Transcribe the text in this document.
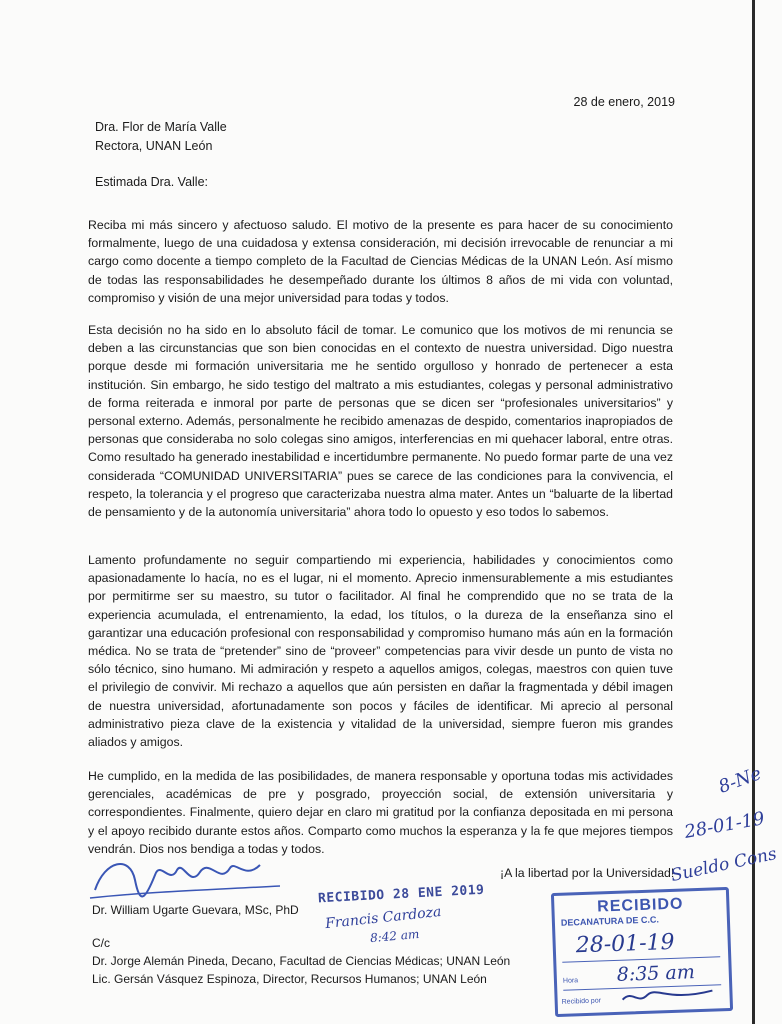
28 de enero, 2019
Dra. Flor de María Valle
Rectora, UNAN León
Estimada Dra. Valle:
Reciba mi más sincero y afectuoso saludo. El motivo de la presente es para hacer de su conocimiento formalmente, luego de una cuidadosa y extensa consideración, mi decisión irrevocable de renunciar a mi cargo como docente a tiempo completo de la Facultad de Ciencias Médicas de la UNAN León. Así mismo de todas las responsabilidades he desempeñado durante los últimos 8 años de mi vida con voluntad, compromiso y visión de una mejor universidad para todas y todos.
Esta decisión no ha sido en lo absoluto fácil de tomar. Le comunico que los motivos de mi renuncia se deben a las circunstancias que son bien conocidas en el contexto de nuestra universidad. Digo nuestra porque desde mi formación universitaria me he sentido orgulloso y honrado de pertenecer a esta institución. Sin embargo, he sido testigo del maltrato a mis estudiantes, colegas y personal administrativo de forma reiterada e inmoral por parte de personas que se dicen ser “profesionales universitarios” y personal externo. Además, personalmente he recibido amenazas de despido, comentarios inapropiados de personas que consideraba no solo colegas sino amigos, interferencias en mi quehacer laboral, entre otras. Como resultado ha generado inestabilidad e incertidumbre permanente. No puedo formar parte de una vez considerada “COMUNIDAD UNIVERSITARIA” pues se carece de las condiciones para la convivencia, el respeto, la tolerancia y el progreso que caracterizaba nuestra alma mater. Antes un “baluarte de la libertad de pensamiento y de la autonomía universitaria” ahora todo lo opuesto y eso todos lo sabemos.
Lamento profundamente no seguir compartiendo mi experiencia, habilidades y conocimientos como apasionadamente lo hacía, no es el lugar, ni el momento. Aprecio inmensurablemente a mis estudiantes por permitirme ser su maestro, su tutor o facilitador. Al final he comprendido que no se trata de la experiencia acumulada, el entrenamiento, la edad, los títulos, o la dureza de la enseñanza sino el garantizar una educación profesional con responsabilidad y compromiso humano más aún en la formación médica. No se trata de “pretender” sino de “proveer” competencias para vivir desde un punto de vista no sólo técnico, sino humano. Mi admiración y respeto a aquellos amigos, colegas, maestros con quien tuve el privilegio de convivir. Mi rechazo a aquellos que aún persisten en dañar la fragmentada y débil imagen de nuestra universidad, afortunadamente son pocos y fáciles de identificar. Mi aprecio al personal administrativo pieza clave de la existencia y vitalidad de la universidad, siempre fueron mis grandes aliados y amigos.
He cumplido, en la medida de las posibilidades, de manera responsable y oportuna todas mis actividades gerenciales, académicas de pre y posgrado, proyección social, de extensión universitaria y correspondientes. Finalmente, quiero dejar en claro mi gratitud por la confianza depositada en mi persona y el apoyo recibido durante estos años. Comparto como muchos la esperanza y la fe que mejores tiempos vendrán. Dios nos bendiga a todas y todos.
¡A la libertad por la Universidad!
Dr. William Ugarte Guevara, MSc, PhD
RECIBIDO 28 ENE 2019
Francis Cardoza
8:42 am
C/c
Dr. Jorge Alemán Pineda, Decano, Facultad de Ciencias Médicas; UNAN León
Lic. Gersán Vásquez Espinoza, Director, Recursos Humanos; UNAN León
8-Ne
28-01-19
Sueldo Cons
RECIBIDO
DECANATURA DE C.C.
28-01-19
Hora 8:35 am
Recibido por
